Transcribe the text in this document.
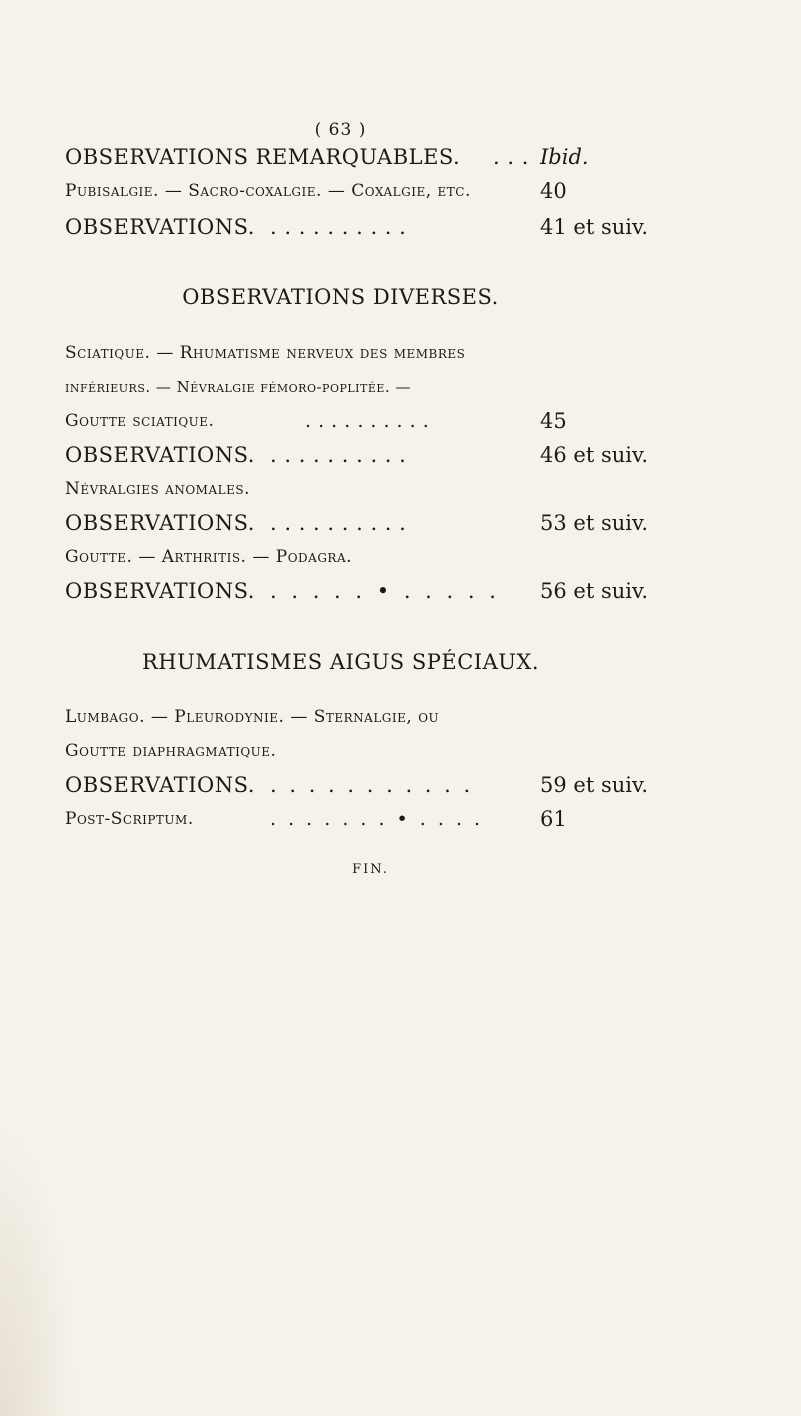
( 63 )
OBSERVATIONS REMARQUABLES. . . . Ibid.
Pubisalgie. — Sacro-coxalgie. — Coxalgie, etc.	40
OBSERVATIONS. . . . . . . . . . .	41 et suiv.
OBSERVATIONS DIVERSES.
Sciatique. — Rhumatisme nerveux des membres
inférieurs. — Névralgie fémoro-poplitée. —
Goutte sciatique.	. . . . . . . . . .	45
OBSERVATIONS. . . . . . . . . . .	46 et suiv.
Névralgies anomales.
OBSERVATIONS. . . . . . . . . . .	53 et suiv.
Goutte. — Arthritis. — Podagra.
OBSERVATIONS. . . . . . • . . . . . 56 et suiv.
RHUMATISMES AIGUS SPÉCIAUX.
Lumbago. — Pleurodynie. — Sternalgie, ou
Goutte diaphragmatique.
OBSERVATIONS. . . . . . . . . . . .	59 et suiv.
Post-Scriptum.	. . . . . . . • . . . .	61
FIN.
